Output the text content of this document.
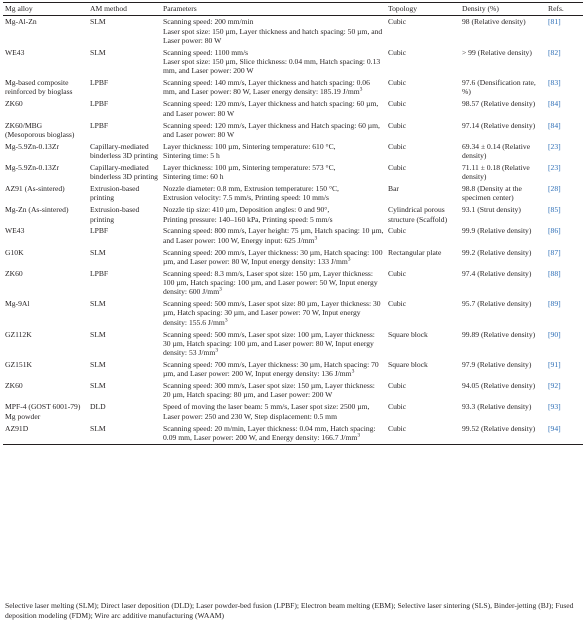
Mg alloy	AM method	Parameters	Topology	Density (%)	Refs.
Mg-Al-Zn	SLM	Scanning speed: 200 mm/min
Laser spot size: 150 µm, Layer thickness and hatch spacing: 50 µm, and Laser power: 80 W	Cubic	98 (Relative density)	[81]
WE43	SLM	Scanning speed: 1100 mm/s
Laser spot size: 150 µm, Slice thickness: 0.04 mm, Hatch spacing: 0.13 mm, and Laser power: 200 W	Cubic	> 99 (Relative density)	[82]
Mg-based composite reinforced by bioglass	LPBF	Scanning speed: 140 mm/s, Layer thickness and hatch spacing: 0.06 mm, and Laser power: 80 W, Laser energy density: 185.19 $J/mm^3$	Cubic	97.6 (Densification rate, %)	[83]
ZK60	LPBF	Scanning speed: 120 mm/s, Layer thickness and hatch spacing: 60 µm, and Laser power: 80 W	Cubic	98.57 (Relative density)	[84]
ZK60/MBG
(Mesoporous bioglass)	LPBF	Scanning speed: 120 mm/s, Layer thickness and Hatch spacing: 60 µm, and Laser power: 80 W	Cubic	97.14 (Relative density)	[84]
Mg-5.9Zn-0.13Zr	Capillary-mediated binderless 3D printing	Layer thickness: 100 µm, Sintering temperature: 610 °C,
Sintering time: 5 h	Cubic	69.34 ± 0.14 (Relative density)	[23]
Mg-5.9Zn-0.13Zr	Capillary-mediated binderless 3D printing	Layer thickness: 100 µm, Sintering temperature: 573 °C,
Sintering time: 60 h	Cubic	71.11 ± 0.18 (Relative density)	[23]
AZ91 (As-sintered)	Extrusion-based printing	Nozzle diameter: 0.8 mm, Extrusion temperature: 150 °C,
Extrusion velocity: 7.5 mm/s, Printing speed: 10 mm/s	Bar	98.8 (Density at the specimen center)	[28]
Mg-Zn (As-sintered)	Extrusion-based printing	Nozzle tip size: 410 µm, Deposition angles: 0 and 90°,
Printing pressure: 140–160 kPa, Printing speed: 5 mm/s	Cylindrical porous structure (Scaffold)	93.1 (Strut density)	[85]
WE43	LPBF	Scanning speed: 800 mm/s, Layer height: 75 µm, Hatch spacing: 10 µm, and Laser power: 100 W, Energy input: 625 $J/mm^3$	Cubic	99.9 (Relative density)	[86]
G10K	SLM	Scanning speed: 200 mm/s, Layer thickness: 30 µm, Hatch spacing: 100 µm, and Laser power: 80 W, Input energy density: 133 $J/mm^3$	Rectangular plate	99.2 (Relative density)	[87]
ZK60	LPBF	Scanning speed: 8.3 mm/s, Laser spot size: 150 µm, Layer thickness: 100 µm, Hatch spacing: 100 µm, and Laser power: 50 W, Input energy density: 600 $J/mm^3$	Cubic	97.4 (Relative density)	[88]
Mg-9Al	SLM	Scanning speed: 500 mm/s, Laser spot size: 80 µm, Layer thickness: 30 µm, Hatch spacing: 30 µm, and Laser power: 70 W, Input energy density: 155.6 $J/mm^3$	Cubic	95.7 (Relative density)	[89]
GZ112K	SLM	Scanning speed: 500 mm/s, Laser spot size: 100 µm, Layer thickness: 30 µm, Hatch spacing: 100 µm, and Laser power: 80 W, Input energy density: 53 $J/mm^3$	Square block	99.89 (Relative density)	[90]
GZ151K	SLM	Scanning speed: 700 mm/s, Layer thickness: 30 µm, Hatch spacing: 70 µm, and Laser power: 200 W, Input energy density: 136 $J/mm^3$	Square block	97.9 (Relative density)	[91]
ZK60	SLM	Scanning speed: 300 mm/s, Laser spot size: 150 µm, Layer thickness: 20 µm, Hatch spacing: 80 µm, and Laser power: 200 W	Cubic	94.05 (Relative density)	[92]
MPF-4 (GOST 6001-79) Mg powder	DLD	Speed of moving the laser beam: 5 mm/s, Laser spot size: 2500 µm, Laser power: 250 and 230 W, Step displacement: 0.5 mm	Cubic	93.3 (Relative density)	[93]
AZ91D	SLM	Scanning speed: 20 m/min, Layer thickness: 0.04 mm, Hatch spacing: 0.09 mm, Laser power: 200 W, and Energy density: 166.7 $J/mm^3$	Cubic	99.52 (Relative density)	[94]
Selective laser melting (SLM); Direct laser deposition (DLD); Laser powder-bed fusion (LPBF); Electron beam melting (EBM); Selective laser sintering (SLS), Binder-jetting (BJ); Fused deposition modeling (FDM); Wire arc additive manufacturing (WAAM)
